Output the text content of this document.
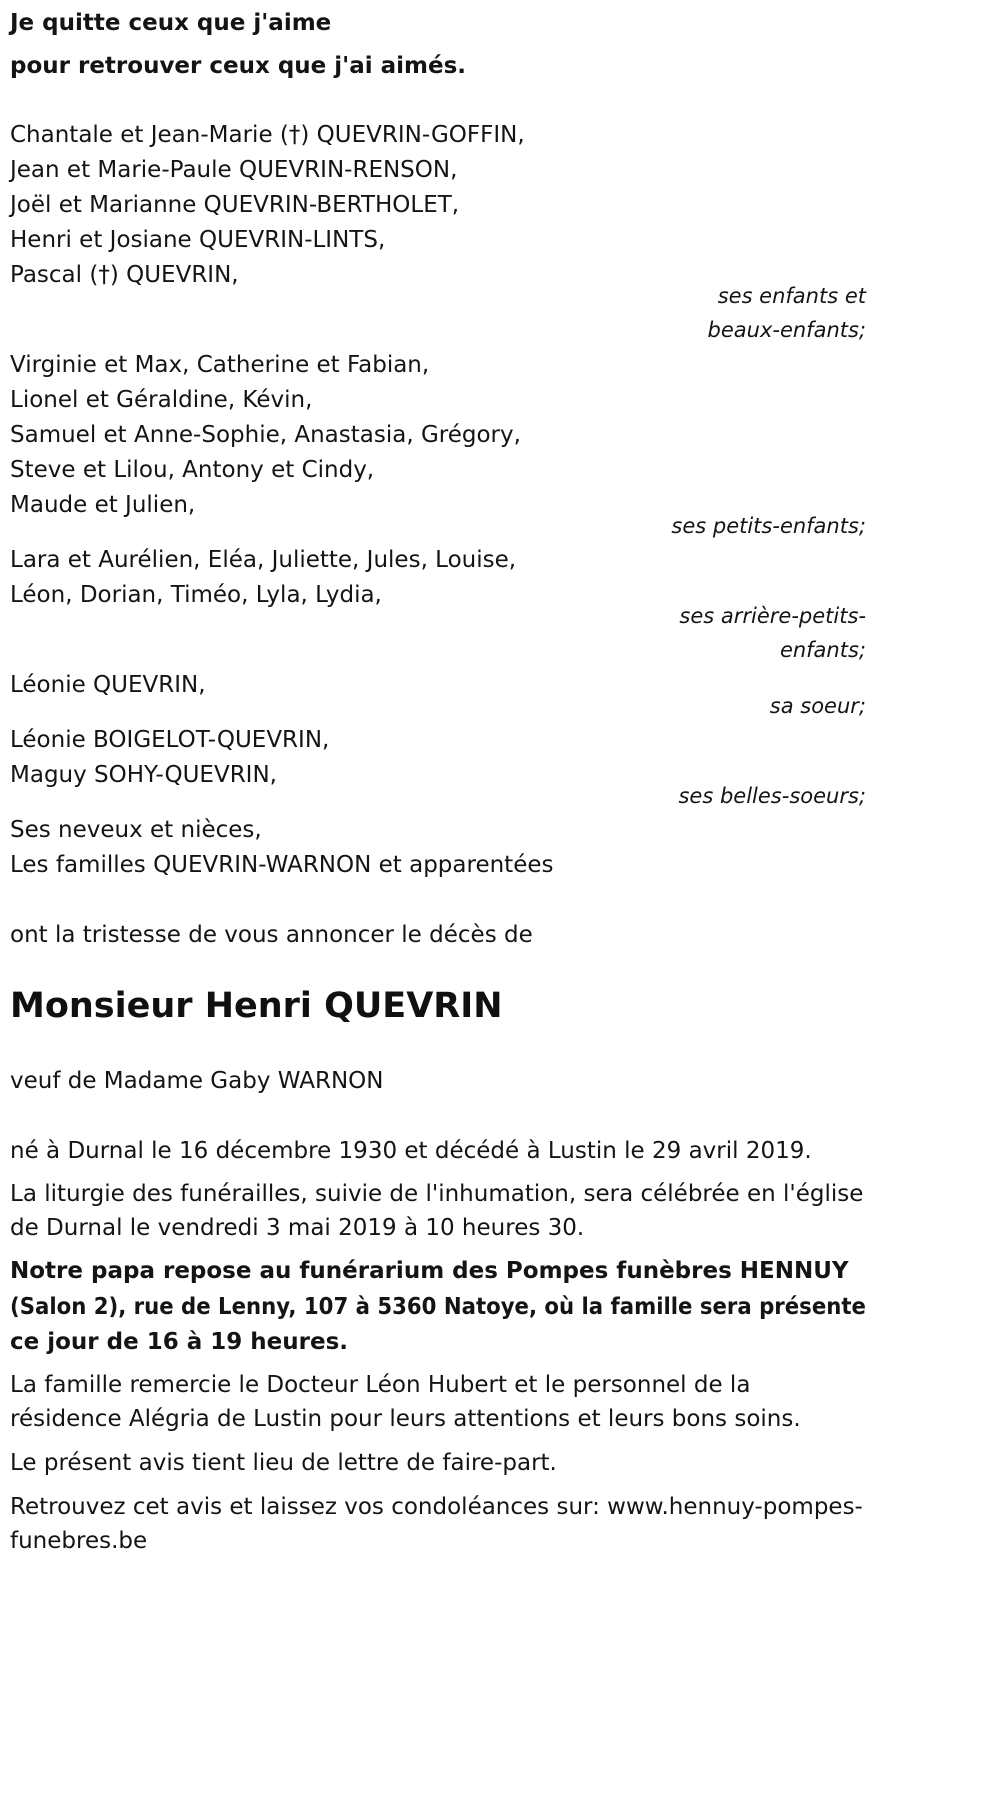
Je quitte ceux que j'aime
pour retrouver ceux que j'ai aimés.
Chantale et Jean-Marie (†) QUEVRIN-GOFFIN,
Jean et Marie-Paule QUEVRIN-RENSON,
Joël et Marianne QUEVRIN-BERTHOLET,
Henri et Josiane QUEVRIN-LINTS,
Pascal (†) QUEVRIN,
ses enfants et
beaux-enfants;
Virginie et Max, Catherine et Fabian,
Lionel et Géraldine, Kévin,
Samuel et Anne-Sophie, Anastasia, Grégory,
Steve et Lilou, Antony et Cindy,
Maude et Julien,
ses petits-enfants;
Lara et Aurélien, Eléa, Juliette, Jules, Louise,
Léon, Dorian, Timéo, Lyla, Lydia,
ses arrière-petits-
enfants;
Léonie QUEVRIN,
sa soeur;
Léonie BOIGELOT-QUEVRIN,
Maguy SOHY-QUEVRIN,
ses belles-soeurs;
Ses neveux et nièces,
Les familles QUEVRIN-WARNON et apparentées
ont la tristesse de vous annoncer le décès de
Monsieur Henri QUEVRIN
veuf de Madame Gaby WARNON
né à Durnal le 16 décembre 1930 et décédé à Lustin le 29 avril 2019.
La liturgie des funérailles, suivie de l'inhumation, sera célébrée en l'église
de Durnal le vendredi 3 mai 2019 à 10 heures 30.
Notre papa repose au funérarium des Pompes funèbres HENNUY
(Salon 2), rue de Lenny, 107 à 5360 Natoye, où la famille sera présente
ce jour de 16 à 19 heures.
La famille remercie le Docteur Léon Hubert et le personnel de la
résidence Alégria de Lustin pour leurs attentions et leurs bons soins.
Le présent avis tient lieu de lettre de faire-part.
Retrouvez cet avis et laissez vos condoléances sur: www.hennuy-pompes-
funebres.be
